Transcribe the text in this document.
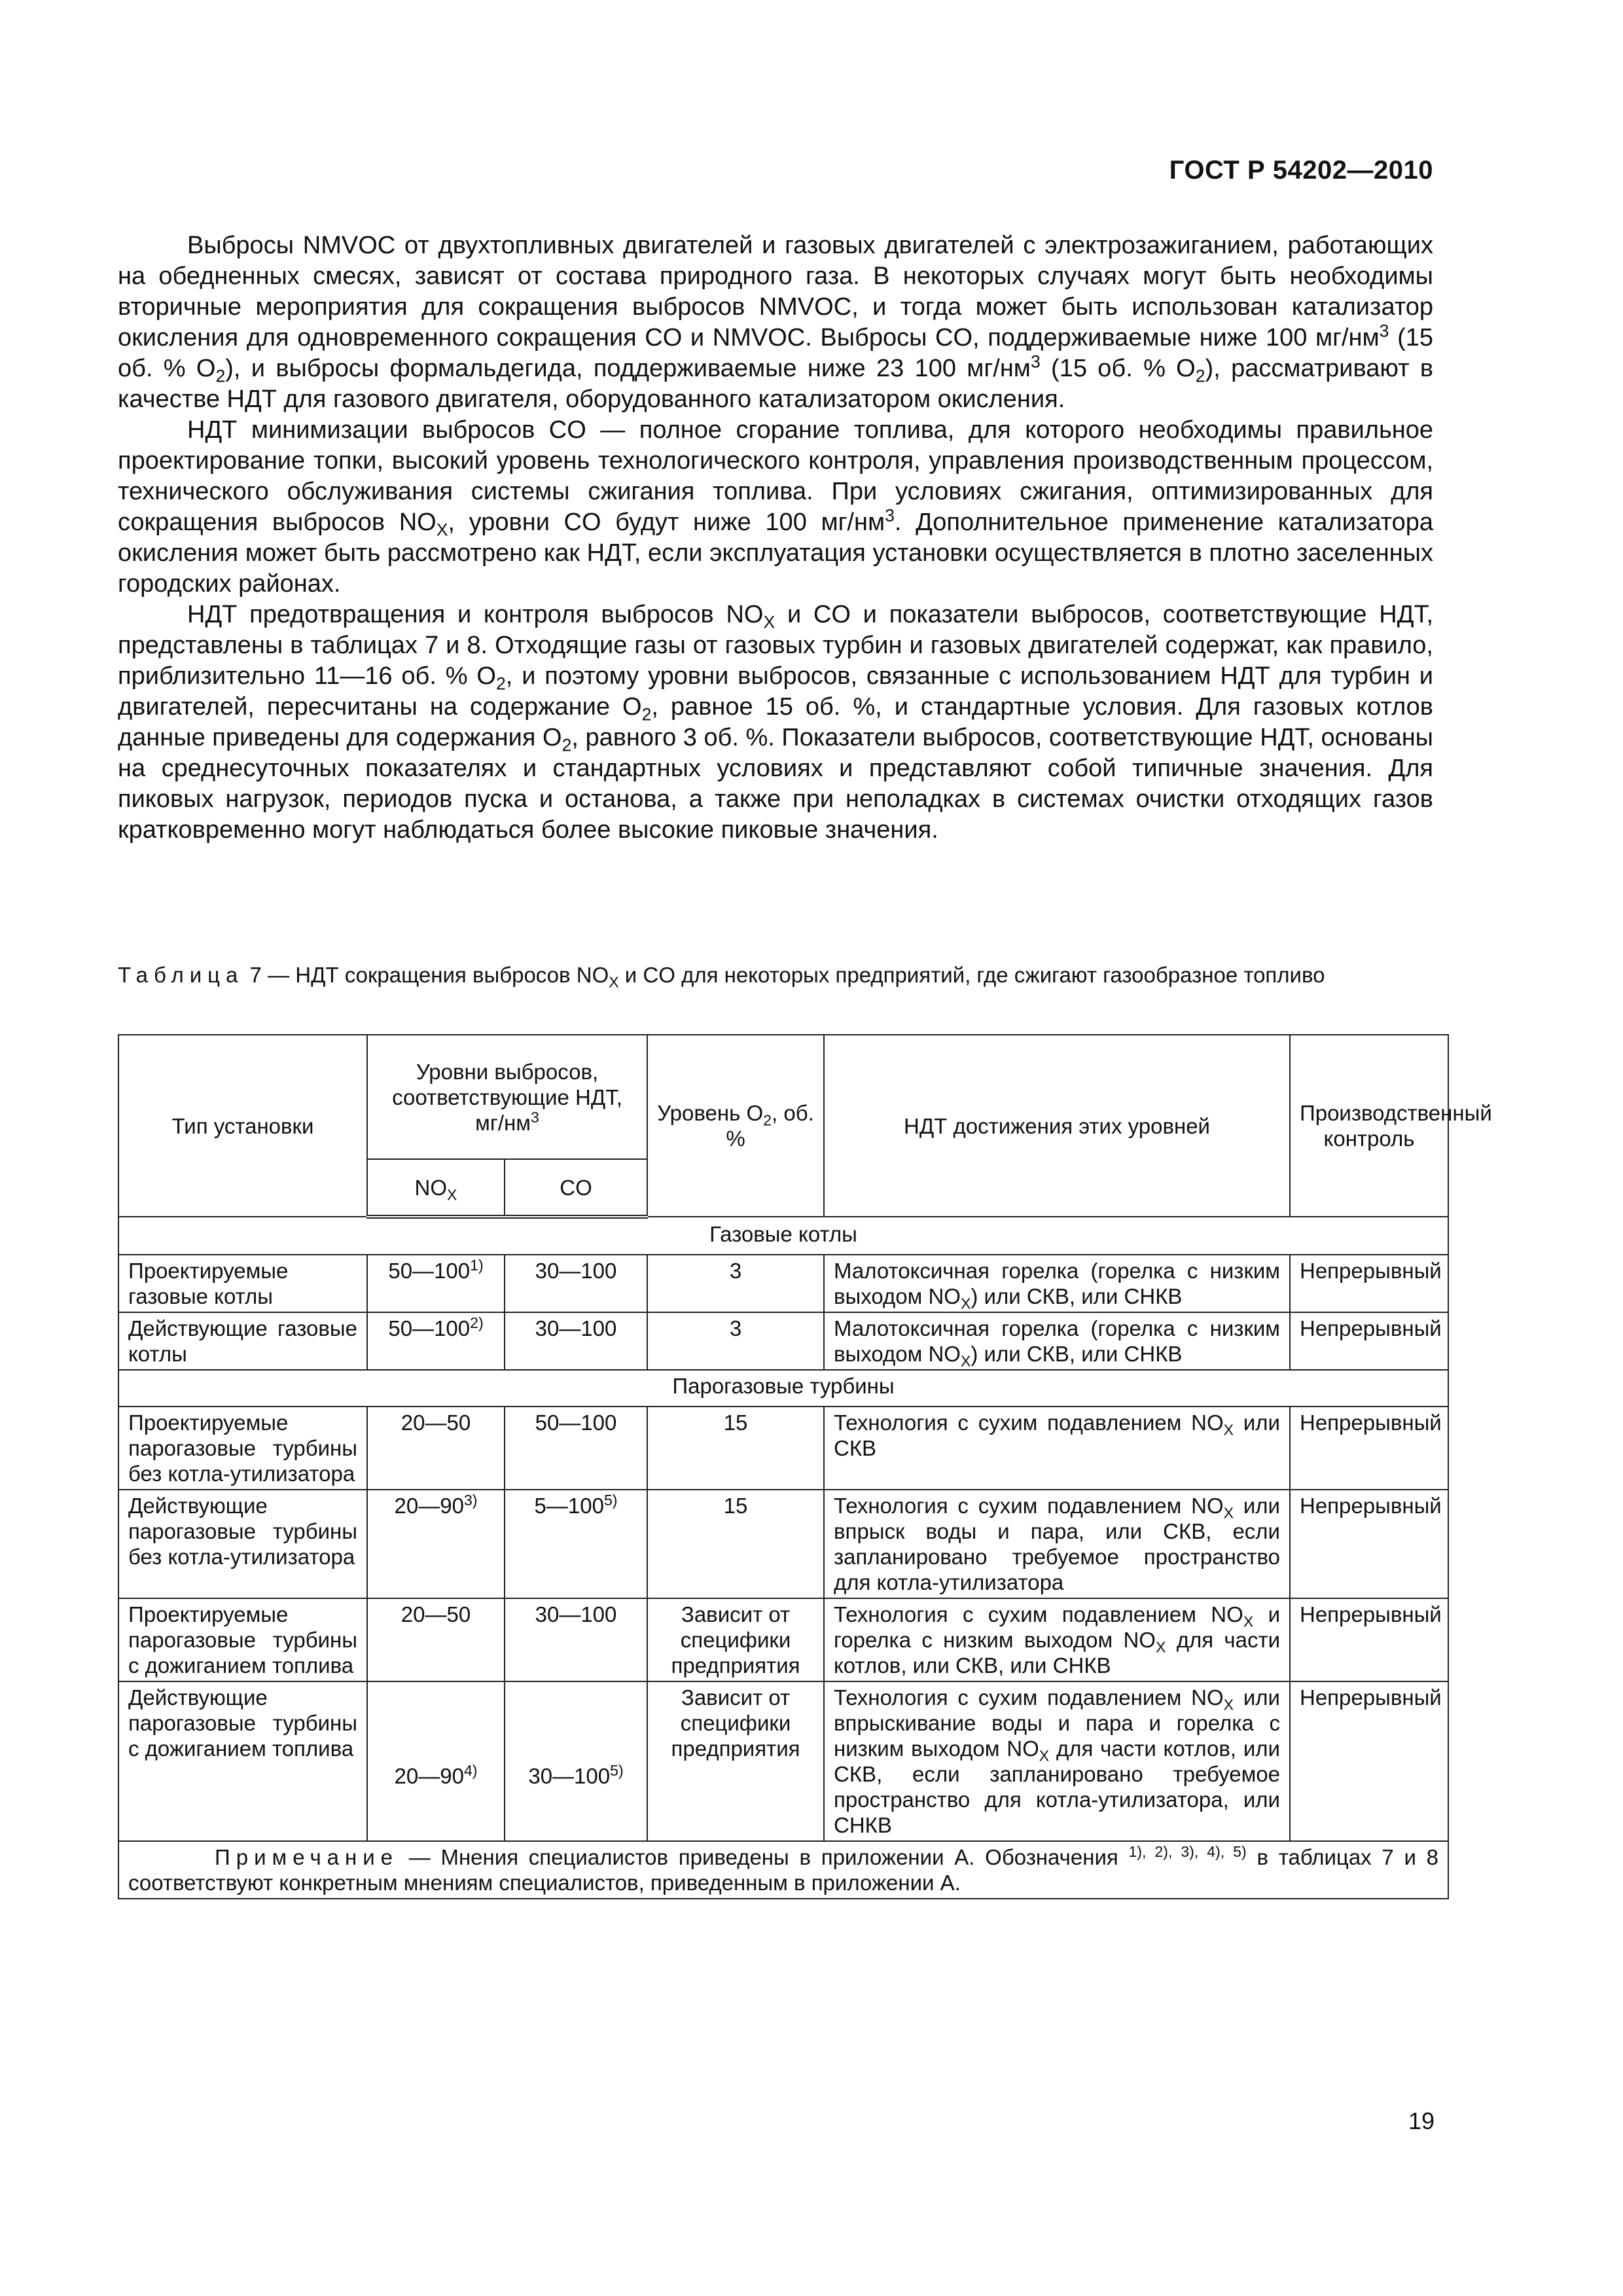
ГОСТ Р 54202—2010

Выбросы NMVOC от двухтопливных двигателей и газовых двигателей с электрозажиганием, работающих на обедненных смесях, зависят от состава природного газа. В некоторых случаях могут быть необходимы вторичные мероприятия для сокращения выбросов NMVOC, и тогда может быть использован катализатор окисления для одновременного сокращения CO и NMVOC. Выбросы CO, поддерживаемые ниже 100 $мг/нм^3$ (15 об. % $О_2$), и выбросы формальдегида, поддерживаемые ниже 23 100 $мг/нм^3$ (15 об. % $О_2$), рассматривают в качестве НДТ для газового двигателя, оборудованного катализатором окисления.

НДТ минимизации выбросов CO — полное сгорание топлива, для которого необходимы правильное проектирование топки, высокий уровень технологического контроля, управления производственным процессом, технического обслуживания системы сжигания топлива. При условиях сжигания, оптимизированных для сокращения выбросов $NO_X$, уровни CO будут ниже 100 $мг/нм^3$. Дополнительное применение катализатора окисления может быть рассмотрено как НДТ, если эксплуатация установки осуществляется в плотно заселенных городских районах.

НДТ предотвращения и контроля выбросов $NO_X$ и CO и показатели выбросов, соответствующие НДТ, представлены в таблицах 7 и 8. Отходящие газы от газовых турбин и газовых двигателей содержат, как правило, приблизительно 11—16 об. % $O_2$, и поэтому уровни выбросов, связанные с использованием НДТ для турбин и двигателей, пересчитаны на содержание $O_2$, равное 15 об. %, и стандартные условия. Для газовых котлов данные приведены для содержания $O_2$, равного 3 об. %. Показатели выбросов, соответствующие НДТ, основаны на среднесуточных показателях и стандартных условиях и представляют собой типичные значения. Для пиковых нагрузок, периодов пуска и останова, а также при неполадках в системах очистки отходящих газов кратковременно могут наблюдаться более высокие пиковые значения.

Таблица 7 — НДТ сокращения выбросов $NO_X$ и CO для некоторых предприятий, где сжигают газообразное топливо
Тип установки	Уровни выбросов, соответствующие НДТ, $мг/нм^3$		Уровень $O_2$, об. %	НДТ достижения этих уровней	Производственный контроль
	$NO_X$	CO			
Газовые котлы					
Проектируемые газовые котлы	50—100$^{1)}$	30—100	3	Малотоксичная горелка (горелка с низким выходом $NO_X$) или СКВ, или СНКВ	Непрерывный
Действующие газовые котлы	50—100$^{2)}$	30—100	3	Малотоксичная горелка (горелка с низким выходом $NO_X$) или СКВ, или СНКВ	Непрерывный
Парогазовые турбины					
Проектируемые парогазовые турбины без котла-утилизатора	20—50	50—100	15	Технология с сухим подавлением $NO_X$ или СКВ	Непрерывный
Действующие парогазовые турбины без котла-утилизатора	20—90$^{3)}$	5—100$^{5)}$	15	Технология с сухим подавлением $NO_X$ или впрыск воды и пара, или СКВ, если запланировано требуемое пространство для котла-утилизатора	Непрерывный
Проектируемые парогазовые турбины с дожиганием топлива	20—50	30—100	Зависит от специфики предприятия	Технология с сухим подавлением $NO_X$ и горелка с низким выходом $NO_X$ для части котлов, или СКВ, или СНКВ	Непрерывный
Действующие парогазовые турбины с дожиганием топлива	20—90$^{4)}$	30—100$^{5)}$	Зависит от специфики предприятия	Технология с сухим подавлением $NO_X$ или впрыскивание воды и пара и горелка с низким выходом $NO_X$ для части котлов, или СКВ, если запланировано требуемое пространство для котла-утилизатора, или СНКВ	Непрерывный
Примечание — Мнения специалистов приведены в приложении А. Обозначения $^{1), 2), 3), 4), 5)}$ в таблицах 7 и 8 соответствуют конкретным мнениям специалистов, приведенным в приложении А.					
19
